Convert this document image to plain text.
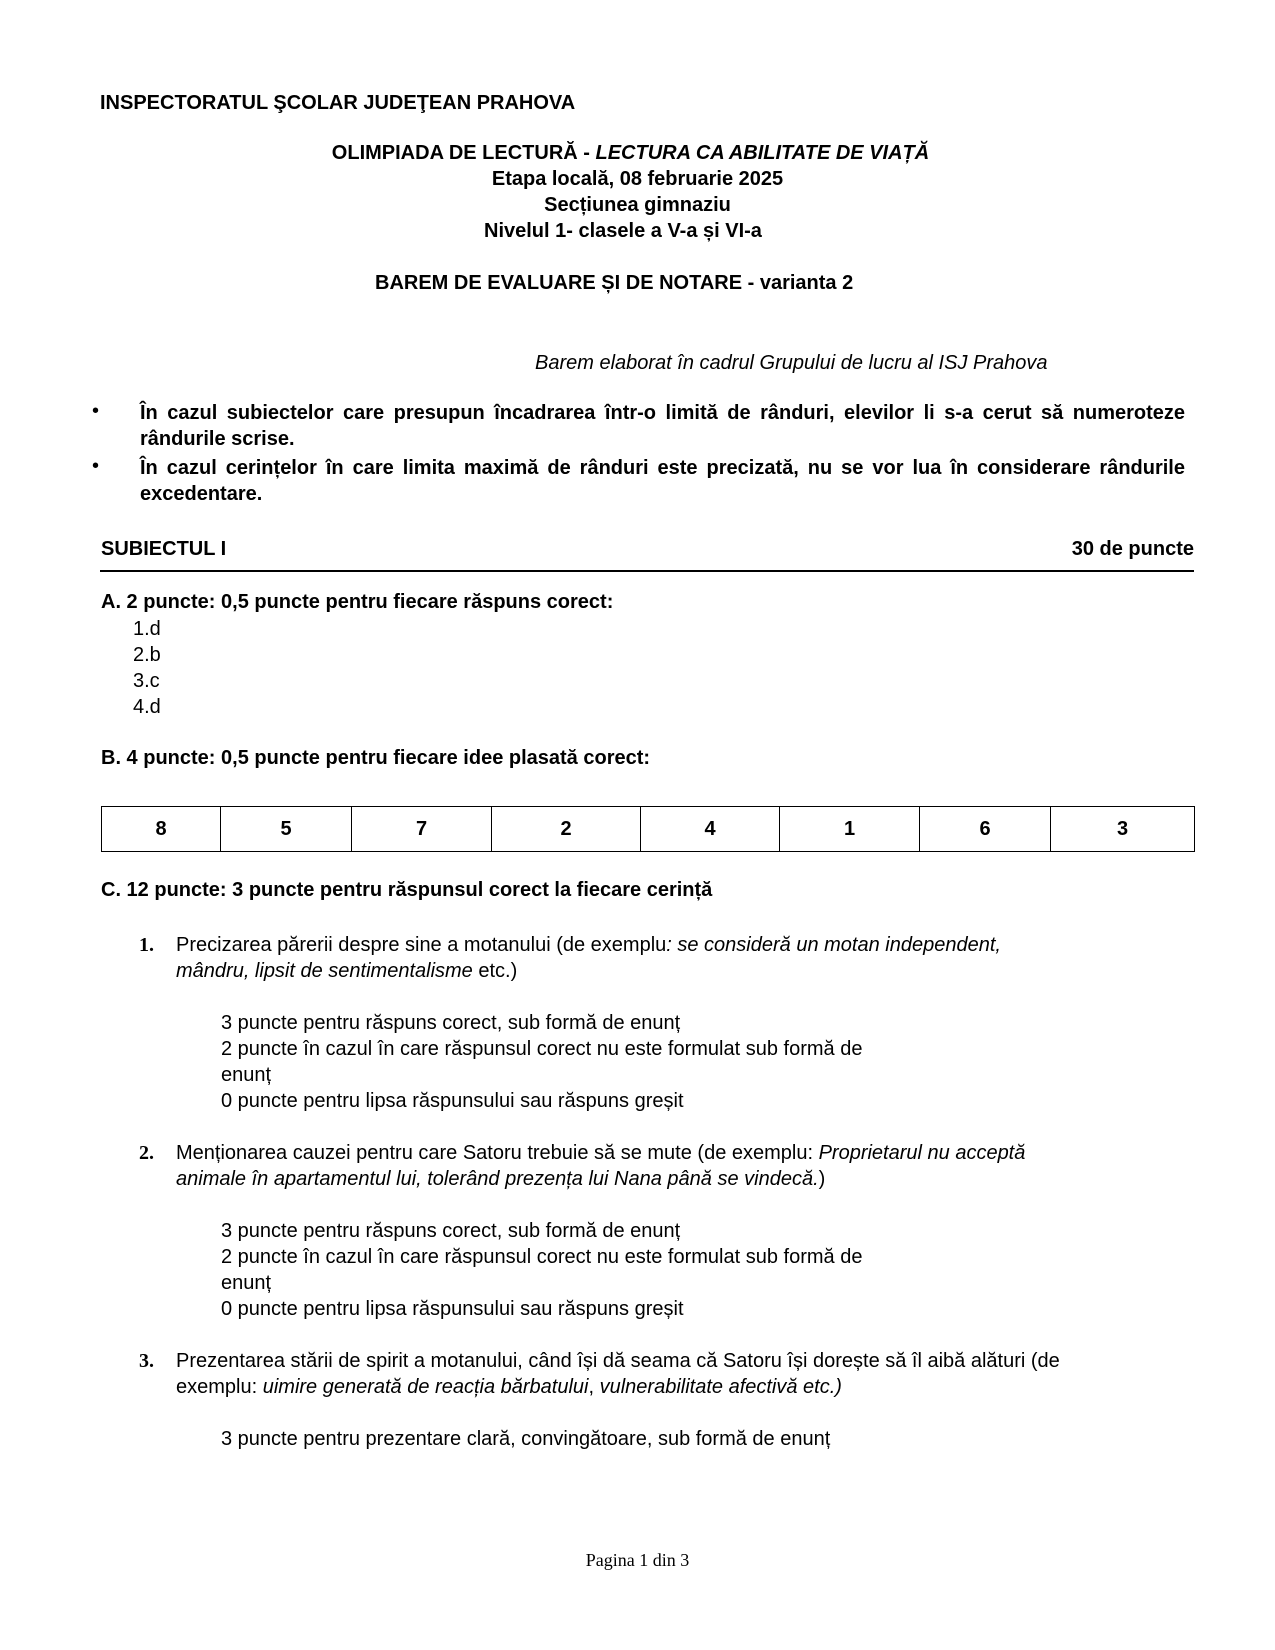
INSPECTORATUL ŞCOLAR JUDEŢEAN PRAHOVA
OLIMPIADA DE LECTURĂ - LECTURA CA ABILITATE DE VIAȚĂ
Etapa locală, 08 februarie 2025
Secțiunea gimnaziu
Nivelul 1- clasele a V-a și VI-a
BAREM DE EVALUARE ȘI DE NOTARE - varianta 2
Barem elaborat în cadrul Grupului de lucru al ISJ Prahova
• În cazul subiectelor care presupun încadrarea într-o limită de rânduri, elevilor li s-a cerut să numeroteze rândurile scrise.
• În cazul cerințelor în care limita maximă de rânduri este precizată, nu se vor lua în considerare rândurile excedentare.
SUBIECTUL I	30 de puncte
A. 2 puncte: 0,5 puncte pentru fiecare răspuns corect:
1.d
2.b
3.c
4.d
B. 4 puncte: 0,5 puncte pentru fiecare idee plasată corect:
8	5	7	2	4	1	6	3
C. 12 puncte: 3 puncte pentru răspunsul corect la fiecare cerință
1. Precizarea părerii despre sine a motanului (de exemplu: se consideră un motan independent,
mândru, lipsit de sentimentalisme etc.)
3 puncte pentru răspuns corect, sub formă de enunț
2 puncte în cazul în care răspunsul corect nu este formulat sub formă de
enunț
0 puncte pentru lipsa răspunsului sau răspuns greșit
2. Menționarea cauzei pentru care Satoru trebuie să se mute (de exemplu: Proprietarul nu acceptă
animale în apartamentul lui, tolerând prezența lui Nana până se vindecă.)
3 puncte pentru răspuns corect, sub formă de enunț
2 puncte în cazul în care răspunsul corect nu este formulat sub formă de
enunț
0 puncte pentru lipsa răspunsului sau răspuns greșit
3. Prezentarea stării de spirit a motanului, când își dă seama că Satoru își dorește să îl aibă alături (de
exemplu: uimire generată de reacția bărbatului, vulnerabilitate afectivă etc.)
3 puncte pentru prezentare clară, convingătoare, sub formă de enunț
Pagina 1 din 3
